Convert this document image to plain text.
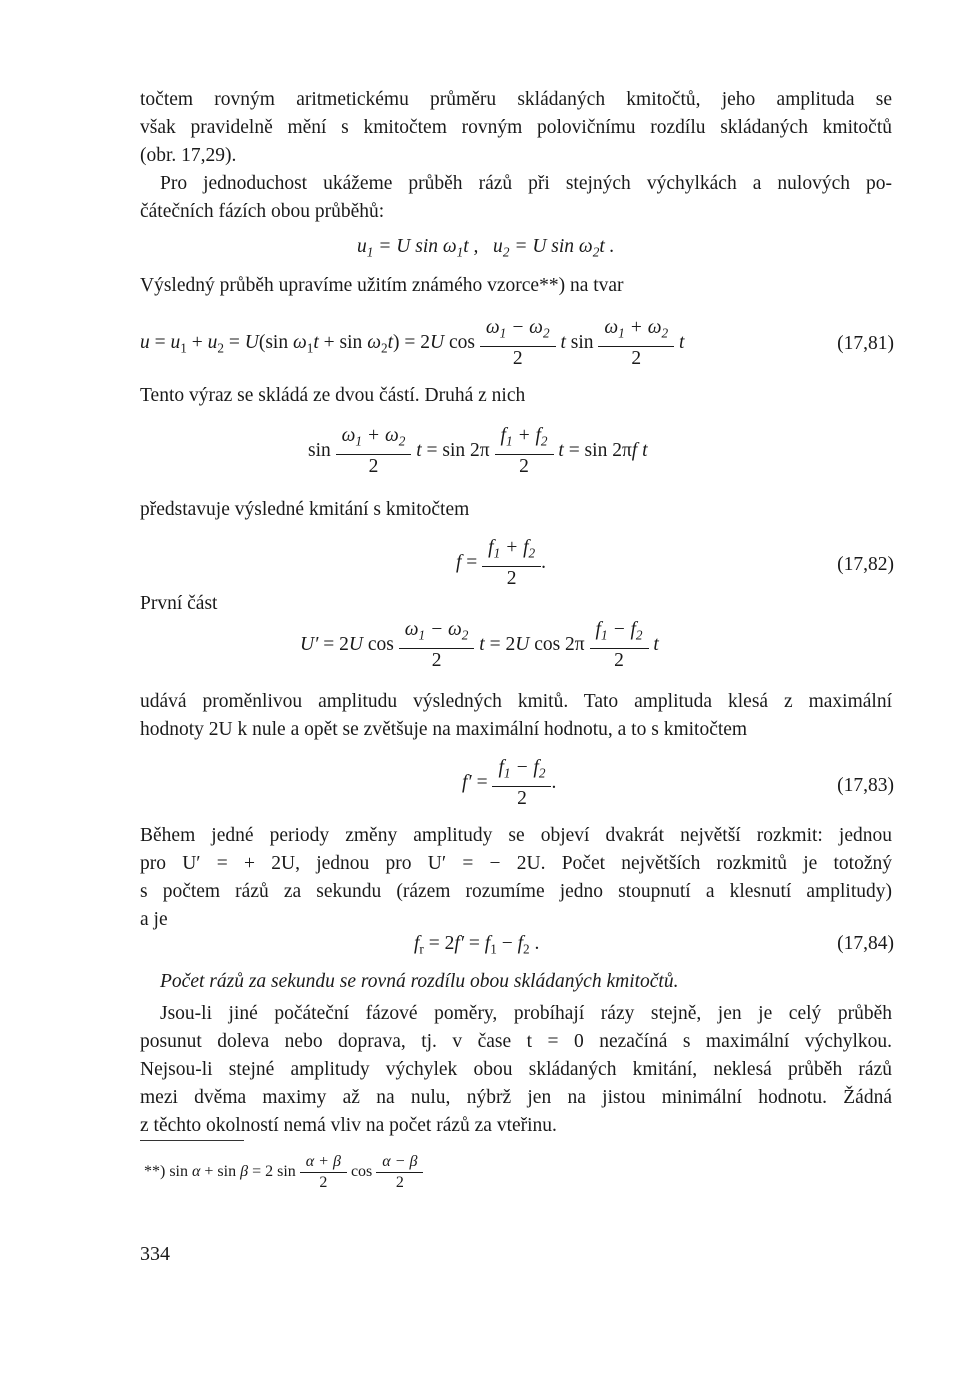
točtem rovným aritmetickému průměru skládaných kmitočtů, jeho amplituda se
však pravidelně mění s kmitočtem rovným polovičnímu rozdílu skládaných kmitočtů
(obr. 17,29).
Pro jednoduchost ukážeme průběh rázů při stejných výchylkách a nulových po-
čátečních fázích obou průběhů:
$u_1 = U$ $\sin \omega_1t$ ,   $u_2 = U$ $\sin \omega_2t$ .
Výsledný průběh upravíme užitím známého vzorce**) na tvar
$u = u_1 + u_2 = U(\sin$ $\omega_1t + \sin \omega_2t) = 2U$ $\cos \frac{\omega_1 - \omega_2}{2}$ t $\sin \frac{\omega_1 + \omega_2}{2}$ t	(17,81)
Tento výraz se skládá ze dvou částí. Druhá z nich
$\sin \frac{\omega_1 + \omega_2}{2}$ $t = \sin 2\pi \frac{f_1 + f_2}{2}$ t = sin 2πf t
představuje výsledné kmitání s kmitočtem
$f = \frac{f_1 + f_2}{2}$ .	(17,82)
První část
U′ = 2U $\cos \frac{\omega_1 - \omega_2}{2}$ t = 2U $\cos 2\pi \frac{f_1 - f_2}{2}$ t
udává proměnlivou amplitudu výsledných kmitů. Tato amplituda klesá z maximální
hodnoty 2U k nule a opět se zvětšuje na maximální hodnotu, a to s kmitočtem
$f' = \frac{f_1 - f_2}{2}$ .	(17,83)
Během jedné periody změny amplitudy se objeví dvakrát největší rozkmit: jednou
pro U′ = + 2U, jednou pro U′ = − 2U. Počet největších rozkmitů je totožný
s počtem rázů za sekundu (rázem rozumíme jedno stoupnutí a klesnutí amplitudy)
a je
$f_r = 2f' = f_1 - f_2$ .	(17,84)
Počet rázů za sekundu se rovná rozdílu obou skládaných kmitočtů.
Jsou-li jiné počáteční fázové poměry, probíhají rázy stejně, jen je celý průběh
posunut doleva nebo doprava, tj. v čase t = 0 nezačíná s maximální výchylkou.
Nejsou-li stejné amplitudy výchylek obou skládaných kmitání, neklesá průběh rázů
mezi dvěma maximy až na nulu, nýbrž jen na jistou minimální hodnotu. Žádná
z těchto okolností nemá vliv na počet rázů za vteřinu.
**) sin α + sin β = 2 $\sin \frac{\alpha + \beta}{2}$ $\cos \frac{\alpha - \beta}{2}$
334
